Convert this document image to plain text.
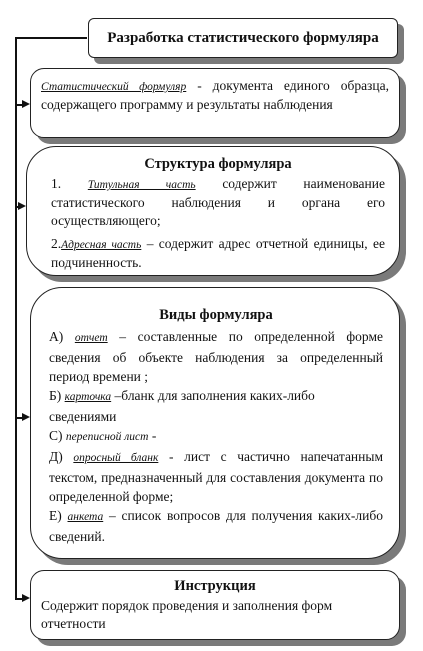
Разработка статистического формуляра
Статистический формуляр - документа единого образца, содержащего программу и результаты наблюдения
Структура формуляра
1. Титульная часть содержит наименование статистического наблюдения и органа его осуществляющего;
2.Адресная часть – содержит адрес отчетной единицы, ее подчиненность.
Виды формуляра
А) отчет – составленные по определенной форме сведения об объекте наблюдения за определенный период времени ;
Б) карточка –бланк для заполнения каких-либо сведениями
С) переписной лист -
Д) опросный бланк - лист с частично напечатанным текстом, предназначенный для составления документа по определенной форме;
Е) анкета – список вопросов для получения каких-либо сведений.
Инструкция
Содержит порядок проведения и заполнения форм отчетности
